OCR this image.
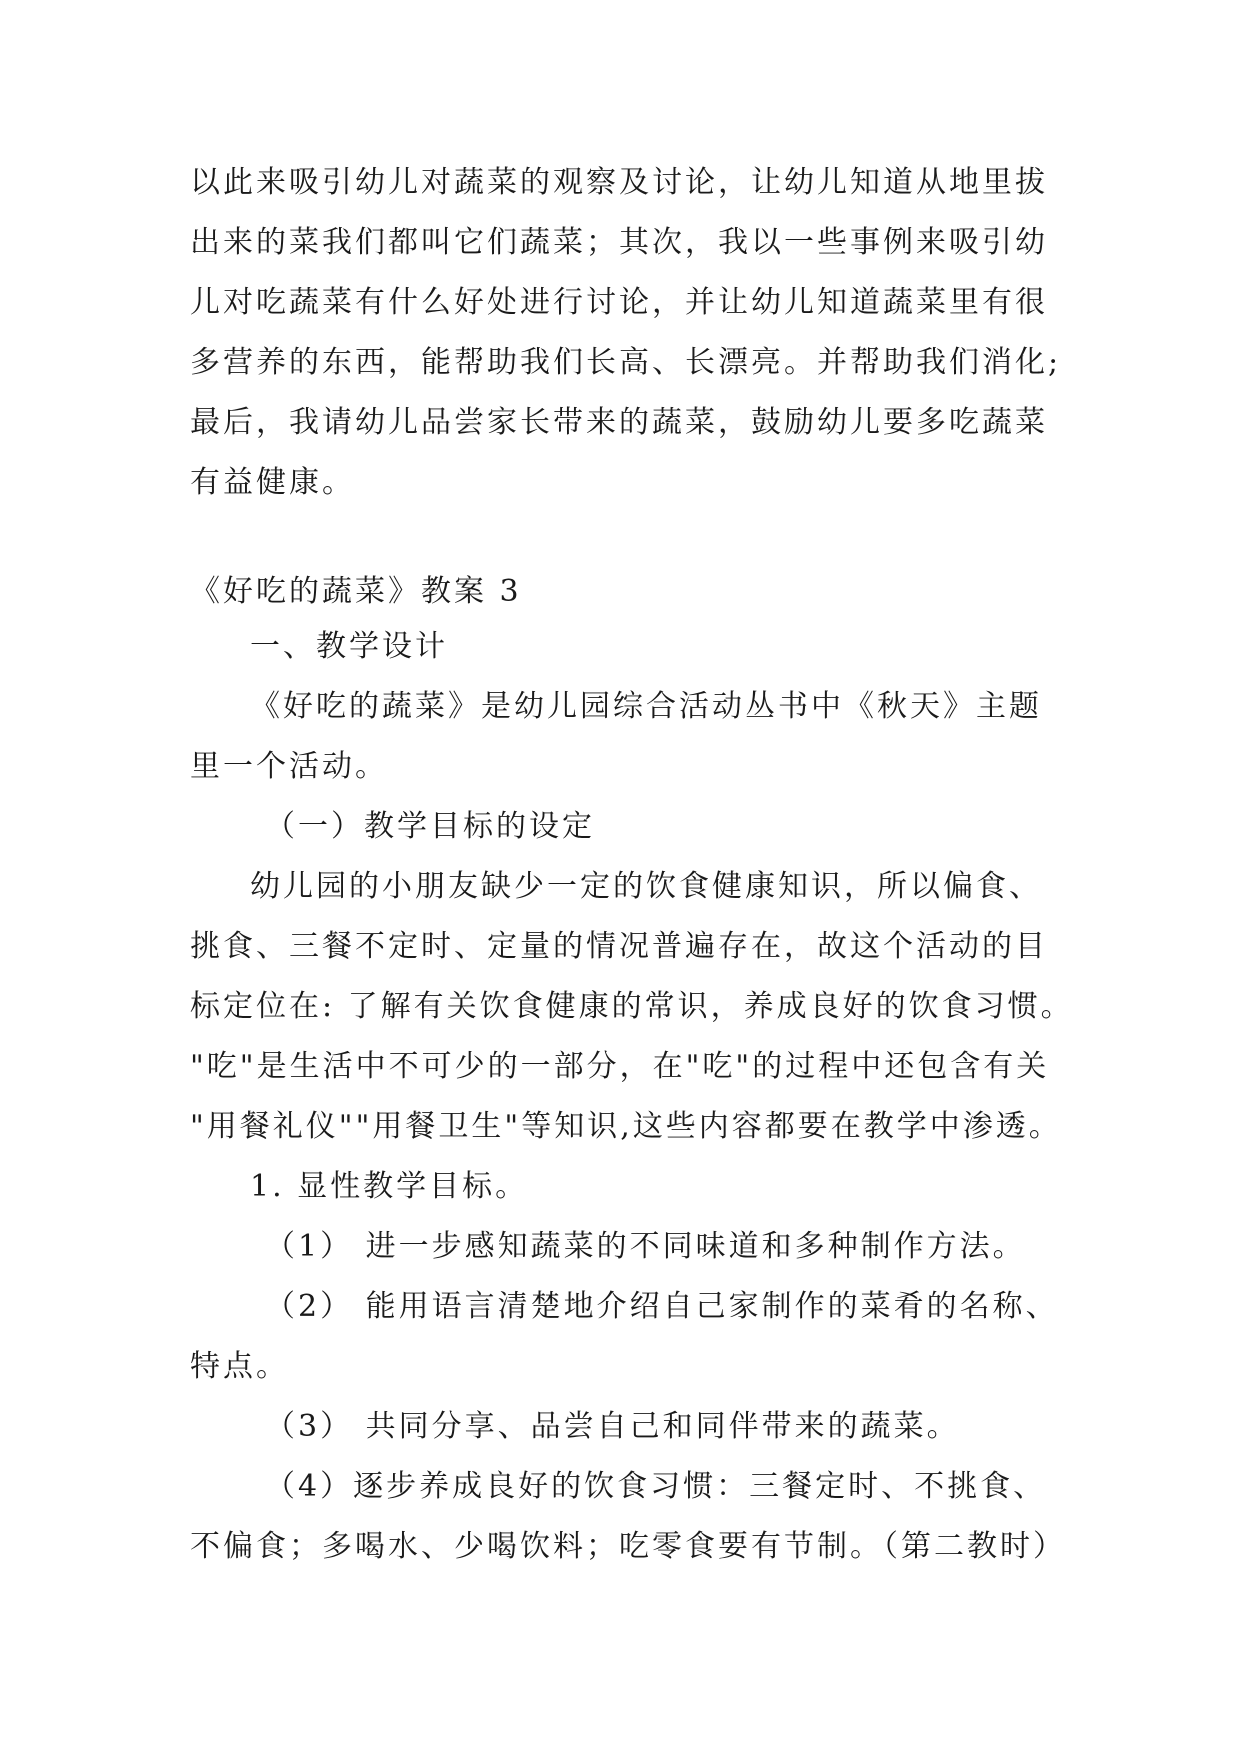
以此来吸引幼儿对蔬菜的观察及讨论，让幼儿知道从地里拔
出来的菜我们都叫它们蔬菜；其次，我以一些事例来吸引幼
儿对吃蔬菜有什么好处进行讨论，并让幼儿知道蔬菜里有很
多营养的东西，能帮助我们长高、长漂亮。并帮助我们消化;
最后，我请幼儿品尝家长带来的蔬菜，鼓励幼儿要多吃蔬菜
有益健康。
《好吃的蔬菜》教案 3
一、教学设计
《好吃的蔬菜》是幼儿园综合活动丛书中《秋天》主题
里一个活动。
（一）教学目标的设定
幼儿园的小朋友缺少一定的饮食健康知识，所以偏食、
挑食、三餐不定时、定量的情况普遍存在，故这个活动的目
标定位在: 了解有关饮食健康的常识，养成良好的饮食习惯。
"吃"是生活中不可少的一部分，在"吃"的过程中还包含有关
"用餐礼仪""用餐卫生"等知识,这些内容都要在教学中渗透。
1. 显性教学目标。
（1） 进一步感知蔬菜的不同味道和多种制作方法。
（2） 能用语言清楚地介绍自己家制作的菜肴的名称、
特点。
（3） 共同分享、品尝自己和同伴带来的蔬菜。
（4）逐步养成良好的饮食习惯：三餐定时、不挑食、
不偏食；多喝水、少喝饮料；吃零食要有节制。（第二教时）
